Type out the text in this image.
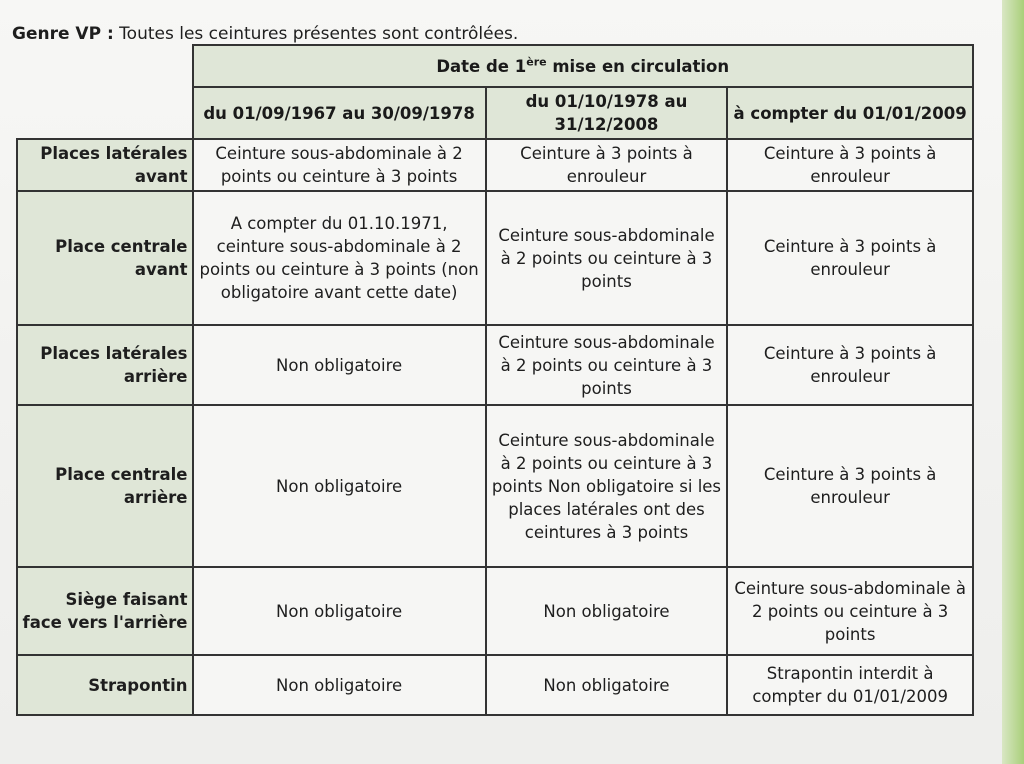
Genre VP : Toutes les ceintures présentes sont contrôlées.
	Date de 1ère mise en circulation		
	du 01/09/1967 au 30/09/1978	du 01/10/1978 au 31/12/2008	à compter du 01/01/2009
Places latérales avant	Ceinture sous-abdominale à 2 points ou ceinture à 3 points	Ceinture à 3 points à enrouleur	Ceinture à 3 points à enrouleur
Place centrale avant	A compter du 01.10.1971, ceinture sous-abdominale à 2 points ou ceinture à 3 points (non obligatoire avant cette date)	Ceinture sous-abdominale à 2 points ou ceinture à 3 points	Ceinture à 3 points à enrouleur
Places latérales arrière	Non obligatoire	Ceinture sous-abdominale à 2 points ou ceinture à 3 points	Ceinture à 3 points à enrouleur
Place centrale arrière	Non obligatoire	Ceinture sous-abdominale à 2 points ou ceinture à 3 points Non obligatoire si les places latérales ont des ceintures à 3 points	Ceinture à 3 points à enrouleur
Siège faisant face vers l'arrière	Non obligatoire	Non obligatoire	Ceinture sous-abdominale à 2 points ou ceinture à 3 points
Strapontin	Non obligatoire	Non obligatoire	Strapontin interdit à compter du 01/01/2009
